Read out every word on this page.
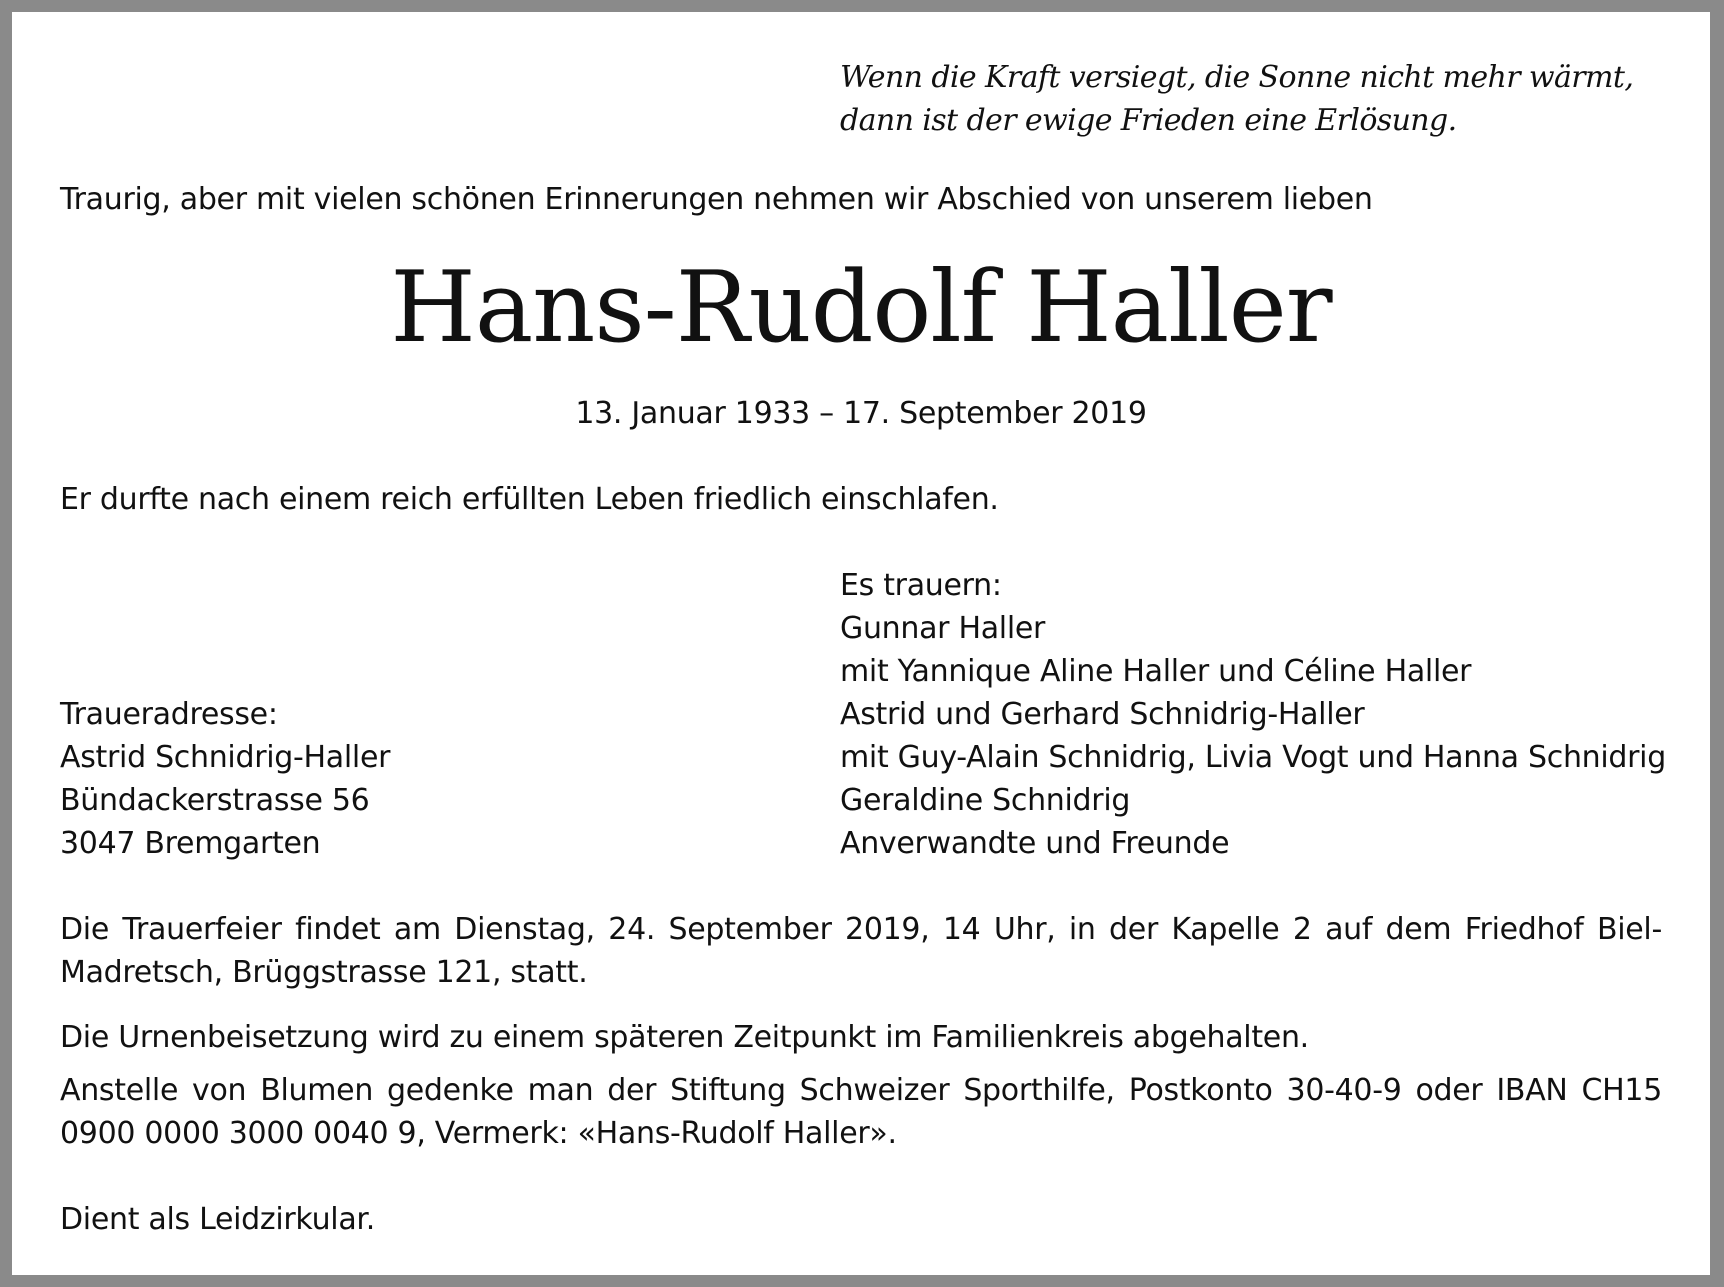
Wenn die Kraft versiegt, die Sonne nicht mehr wärmt,
dann ist der ewige Frieden eine Erlösung.
Traurig, aber mit vielen schönen Erinnerungen nehmen wir Abschied von unserem lieben
Hans-Rudolf Haller
13. Januar 1933 – 17. September 2019
Er durfte nach einem reich erfüllten Leben friedlich einschlafen.
Es trauern:
Gunnar Haller
mit Yannique Aline Haller und Céline Haller
Astrid und Gerhard Schnidrig-Haller
mit Guy-Alain Schnidrig, Livia Vogt und Hanna Schnidrig
Geraldine Schnidrig
Anverwandte und Freunde
Traueradresse:
Astrid Schnidrig-Haller
Bündackerstrasse 56
3047 Bremgarten
Die Trauerfeier findet am Dienstag, 24. September 2019, 14 Uhr, in der Kapelle 2 auf dem Friedhof Biel-Madretsch, Brüggstrasse 121, statt.
Die Urnenbeisetzung wird zu einem späteren Zeitpunkt im Familienkreis abgehalten.
Anstelle von Blumen gedenke man der Stiftung Schweizer Sporthilfe, Postkonto 30-40-9 oder IBAN CH15 0900 0000 3000 0040 9, Vermerk: «Hans-Rudolf Haller».
Dient als Leidzirkular.
